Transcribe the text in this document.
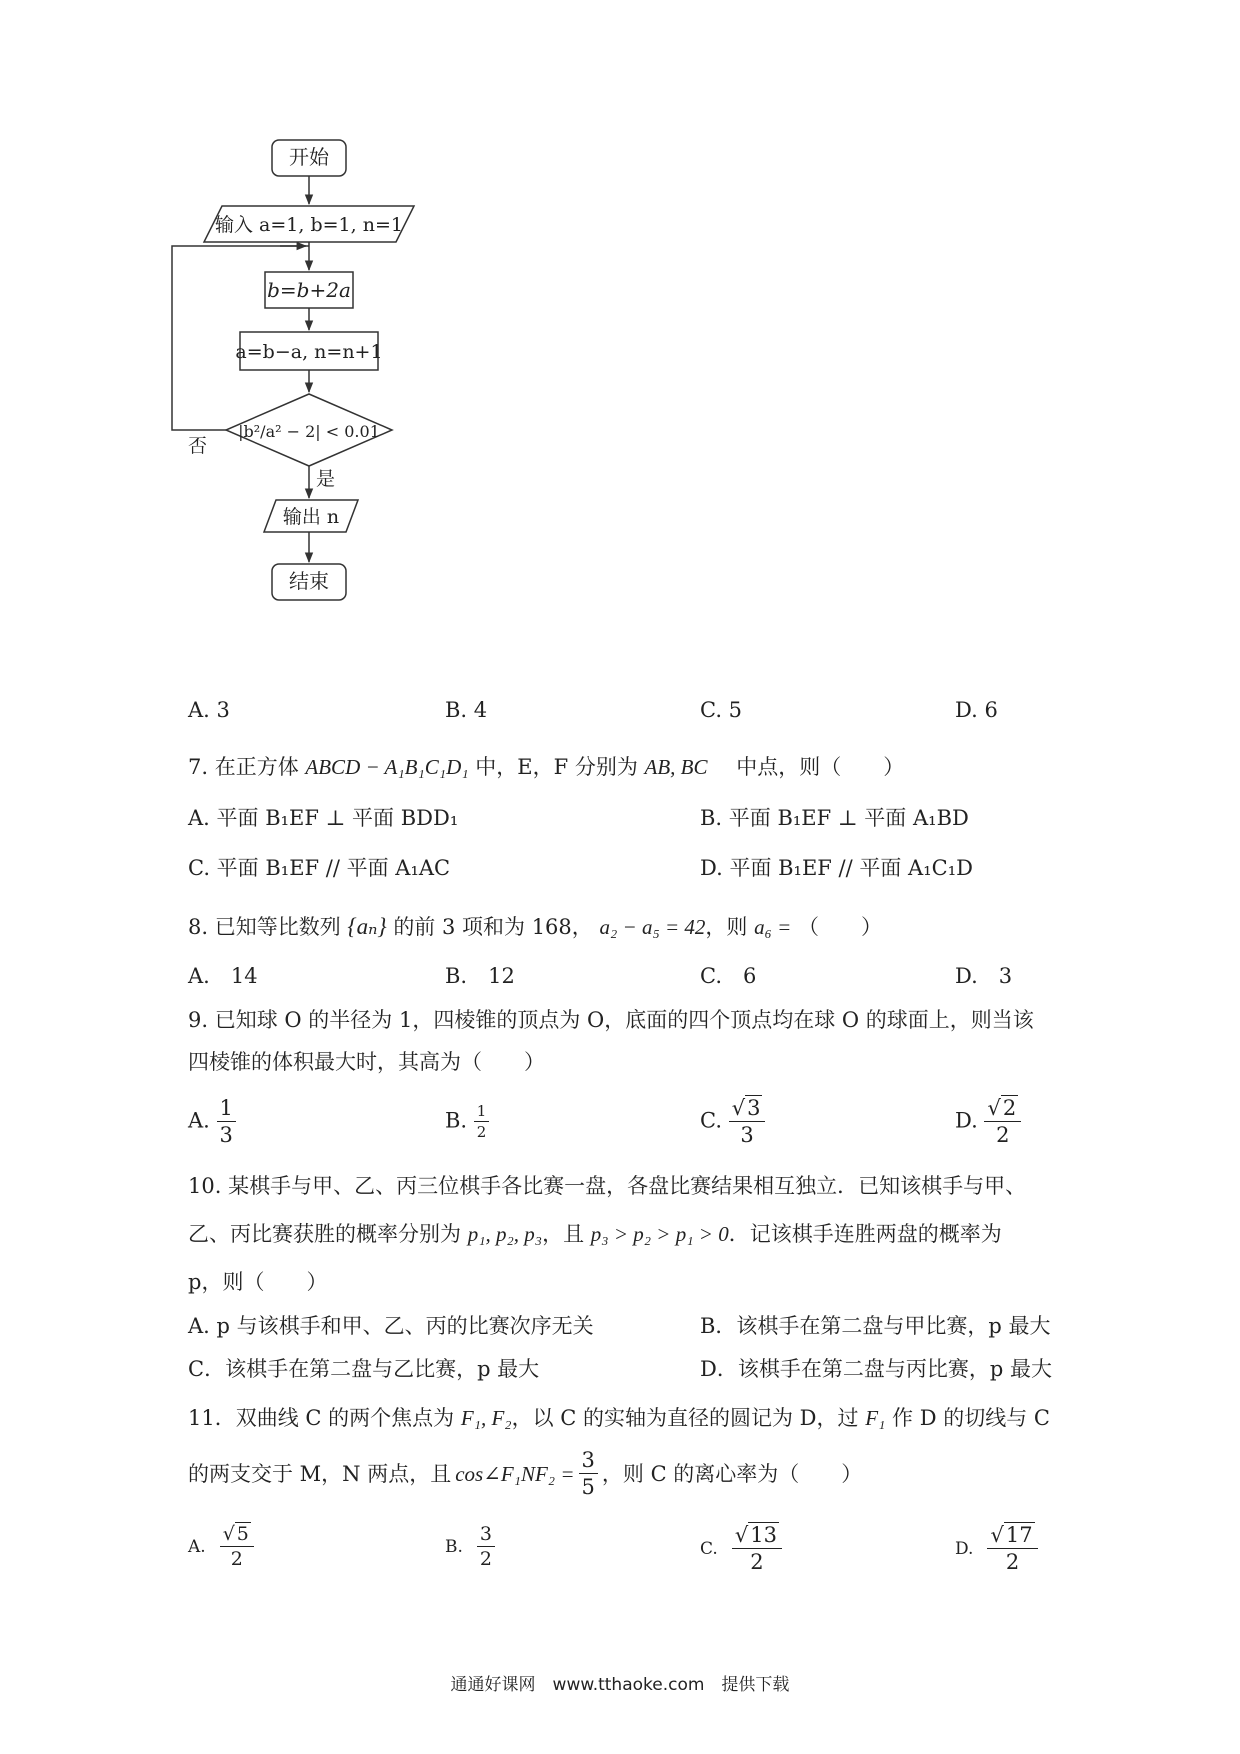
开始
输入 a=1, b=1, n=1
b=b+2a
a=b−a, n=n+1
|b²/a² − 2| < 0.01
否
是
输出 n
结束
A. 3	B. 4	C. 5	D. 6
7. 在正方体 ABCD − A₁B₁C₁D₁ 中，E，F 分别为 AB, BC 中点，则（　　）
A. 平面 B₁EF ⊥ 平面 BDD₁	B. 平面 B₁EF ⊥ 平面 A₁BD
C. 平面 B₁EF // 平面 A₁AC	D. 平面 B₁EF // 平面 A₁C₁D
8. 已知等比数列 {aₙ} 的前 3 项和为 168， a₂ − a₅ = 42，则 a₆ = （　　）
A.　14	B.　12	C.　6	D.　3
9. 已知球 O 的半径为 1，四棱锥的顶点为 O，底面的四个顶点均在球 O 的球面上，则当该
四棱锥的体积最大时，其高为（　　）
A. $\frac{1}{3}$	B. $\frac{1}{2}$	C. $\frac{√3}{3}$	D. $\frac{√2}{2}$
10. 某棋手与甲、乙、丙三位棋手各比赛一盘，各盘比赛结果相互独立．已知该棋手与甲、
乙、丙比赛获胜的概率分别为 p₁, p₂, p₃，且 p₃ > p₂ > p₁ > 0．记该棋手连胜两盘的概率为
p，则（　　）
A. p 与该棋手和甲、乙、丙的比赛次序无关	B．该棋手在第二盘与甲比赛，p 最大
C．该棋手在第二盘与乙比赛，p 最大	D．该棋手在第二盘与丙比赛，p 最大
11．双曲线 C 的两个焦点为 F₁, F₂，以 C 的实轴为直径的圆记为 D，过 F₁ 作 D 的切线与 C
的两支交于 M，N 两点，且 cos∠F₁NF₂ = $\frac{3}{5}$ ，则 C 的离心率为（　　）
A. $\frac{√ 5}{2}$	B. $\frac{3}{2}$	C. $\frac{√13}{2}$	D. $\frac{√17}{2}$
通通好课网　www.tthaoke.com　提供下载
